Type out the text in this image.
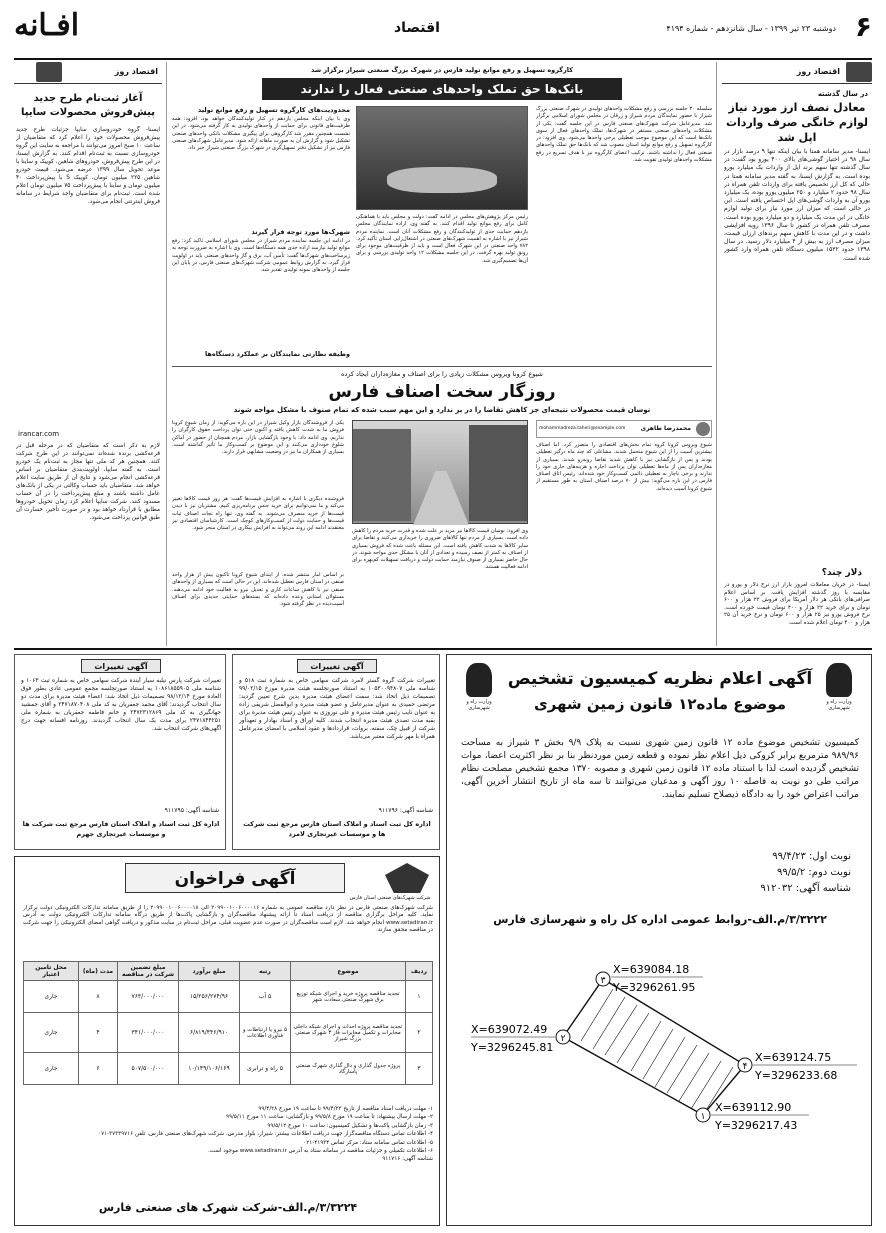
۶
دوشنبه ۲۳ تیر ۱۳۹۹ - سال شانزدهم - شماره ۴۱۹۴
اقتصاد
افـانه
اقتصاد روز
در سال گذشته
معادل نصف ارز مورد نیاز لوازم خانگی صرف واردات اپل شد
ایسنا- مدیر سامانه همتا با بیان اینکه تنها ۹ درصد بازار در سال ۹۸ در اختیار گوشی‌های بالای ۴۰۰ یورو بود گفت: در سال گذشته تنها سهم برند اپل از واردات یک میلیارد یورو بوده است. به گزارش ایسنا، به گفته مدیر سامانه همتا در حالی که کل ارز تخصیص یافته برای واردات تلفن همراه در سال ۹۸ حدود ۲ میلیارد و ۲۵۰ میلیون یورو بوده، یک میلیارد یورو آن به واردات گوشی‌های اپل اختصاص یافته است. این در حالی است که میزان ارز مورد نیاز برای تولید لوازم خانگی در این مدت یک میلیارد و دو میلیارد یورو بوده است. مصرف تلفن همراه در کشور تا سال ۱۳۹۶ رویه افزایشی داشت و در این مدت با کاهش سهم برندهای ارزان قیمت، میزان مصرف ارز به بیش از ۴ میلیارد دلار رسید. در سال ۱۳۹۸ حدود ۱۵۳۲ میلیون دستگاه تلفن همراه وارد کشور شده است.
دلار چند؟
ایسنا- در جریان معاملات امروز بازار ارز نرخ دلار و یورو در مقایسه با روز گذشته افزایش یافت. بر اساس اعلام صرافی‌های بانکی هر دلار آمریکا برای فروش ۲۲ هزار و ۶۰۰ تومان و برای خرید ۲۲ هزار و ۴۰۰ تومان قیمت خورده است. نرخ فروش یورو نیز ۲۵ هزار و ۶۰۰ تومان و نرخ خرید آن ۲۵ هزار و ۴۰۰ تومان اعلام شده است.
کارگروه تسهیل و رفع موانع تولید فارس در شهرک بزرگ صنعتی شیراز برگزار شد
بانک‌ها حق تملک واحدهای صنعتی فعال را ندارند
سلسله ۳۰ جلسه بررسی و رفع مشکلات واحدهای تولیدی در شهرک صنعتی بزرگ شیراز با حضور نمایندگان مردم شیراز و زرقان در مجلس شورای اسلامی برگزار شد. مدیرعامل شرکت شهرک‌های صنعتی فارس در این جلسه گفت: یکی از مشکلات واحدهای صنعتی مستقر در شهرک‌ها، تملک واحدهای فعال از سوی بانک‌ها است که این موضوع موجب تعطیلی برخی واحدها می‌شود. وی افزود: در کارگروه تسهیل و رفع موانع تولید استان مصوب شد که بانک‌ها حق تملک واحدهای صنعتی فعال را نداشته باشند. ترکیب اعضای کارگروه نیز با هدف تسریع در رفع مشکلات واحدهای تولیدی تقویت شد.
رئیس مرکز پژوهش‌های مجلس در ادامه گفت: دولت و مجلس باید با هماهنگی کامل برای رفع موانع تولید اقدام کنند. به گفته وی، اراده نمایندگان مجلس یازدهم حمایت جدی از تولیدکنندگان و رفع مشکلات آنان است. نماینده مردم شیراز نیز با اشاره به اهمیت شهرک‌های صنعتی در اشتغال‌زایی استان تأکید کرد: ۷۸۲ واحد صنعتی در این شهرک فعال است و باید از ظرفیت‌های موجود برای رونق تولید بهره گرفت. در این جلسه مشکلات ۱۲ واحد تولیدی بررسی و برای آن‌ها تصمیم‌گیری شد.
محدودیت‌های کارگروه تسهیل و رفع موانع تولید
وی با بیان اینکه مجلس یازدهم در کنار تولیدکنندگان خواهد بود، افزود: همه ظرفیت‌های قانونی برای حمایت از واحدهای تولیدی به کار گرفته می‌شود. در این نشست همچنین مقرر شد کارگروهی برای پیگیری مشکلات بانکی واحدهای صنعتی تشکیل شود و گزارش آن به صورت ماهانه ارائه شود. مدیرعامل شهرک‌های صنعتی فارس نیز از تشکیل دفتر تسهیل‌گری در شهرک بزرگ صنعتی شیراز خبر داد.
شهرک‌ها مورد توجه قرار گیرند
در ادامه این جلسه نماینده مردم شیراز در مجلس شورای اسلامی تأکید کرد: رفع موانع تولید نیازمند اراده جدی همه دستگاه‌ها است. وی با اشاره به ضرورت توجه به زیرساخت‌های شهرک‌ها گفت: تأمین آب، برق و گاز واحدهای صنعتی باید در اولویت قرار گیرد. به گزارش روابط عمومی شرکت شهرک‌های صنعتی فارس، در پایان این جلسه از واحدهای نمونه تولیدی تقدیر شد.
وظیفه نظارتی نمایندگان بر عملکرد دستگاه‌ها
اقتصاد روز
آغاز ثبت‌نام طرح جدید پیش‌فروش محصولات سایپا
ایسنا- گروه خودروسازی سایپا جزئیات طرح جدید پیش‌فروش محصولات خود را اعلام کرد که متقاضیان از ساعت ۱۰ صبح امروز می‌توانند با مراجعه به سایت این گروه خودروسازی نسبت به ثبت‌نام اقدام کنند. به گزارش ایسنا، در این طرح پیش‌فروش، خودروهای شاهین، کوییک و ساینا با موعد تحویل سال ۱۳۹۹ عرضه می‌شود. قیمت خودرو شاهین ۲۲۵ میلیون تومان، کوییک S با پیش‌پرداخت ۴۰ میلیون تومان و ساینا با پیش‌پرداخت ۷۵ میلیون تومان اعلام شده است. ثبت‌نام برای متقاضیان واجد شرایط در سامانه فروش اینترنتی انجام می‌شود.
irancar.com
لازم به ذکر است که متقاضیان که در مرحله قبل در قرعه‌کشی برنده شده‌اند نمی‌توانند در این طرح شرکت کنند. همچنین هر کد ملی تنها مجاز به ثبت‌نام یک خودرو است. به گفته سایپا، اولویت‌بندی متقاضیان بر اساس قرعه‌کشی انجام می‌شود و نتایج آن از طریق سایت اعلام خواهد شد. متقاضیان باید حساب وکالتی در یکی از بانک‌های عامل داشته باشند و مبلغ پیش‌پرداخت را در آن حساب مسدود کنند. شرکت سایپا اعلام کرد زمان تحویل خودروها مطابق با قرارداد خواهد بود و در صورت تأخیر، خسارت آن طبق قوانین پرداخت می‌شود.
شیوع کرونا ویروس مشکلات زیادی را برای اصناف و مغازه‌داران ایجاد کرده
روزگار سخت اصناف فارس
نوسان قیمت محصولات نتیجه‌ای جز کاهش تقاضا را در بر ندارد و این مهم سبب شده که تمام صنوف با مشکل مواجه شوند
محمدرضا طاهری
mohammadreza.taheri@example.com
شیوع ویروس کرونا گروه تمام بخش‌های اقتصادی را متضرر کرد. اما اصناف بیشترین آسیب را از این شیوع متحمل شدند. مشاغلی که چند ماه درگیر تعطیلی بودند و پس از بازگشایی نیز با کاهش شدید تقاضا روبه‌رو شدند. بسیاری از مغازه‌داران پس از ماه‌ها تعطیلی توان پرداخت اجاره و هزینه‌های جاری خود را ندارند و برخی ناچار به تعطیلی دائمی کسب‌وکار خود شده‌اند. رئیس اتاق اصناف فارس در این باره می‌گوید: بیش از ۷۰ درصد اصناف استان به طور مستقیم از شیوع کرونا آسیب دیده‌اند.
وی افزود: نوسان قیمت کالاها نیز مزید بر علت شده و قدرت خرید مردم را کاهش داده است. بسیاری از مردم تنها کالاهای ضروری را خریداری می‌کنند و تقاضا برای سایر کالاها به شدت کاهش یافته است. این مسئله باعث شده که فروش بسیاری از اصناف به کمتر از نصف رسیده و تعدادی از آنان با مشکل جدی مواجه شوند. در حال حاضر بسیاری از صنوف نیازمند حمایت دولت و دریافت تسهیلات کم‌بهره برای ادامه فعالیت هستند.
یکی از فروشندگان بازار وکیل شیراز در این باره می‌گوید: از زمان شیوع کرونا فروش ما به شدت کاهش یافته و اکنون حتی توان پرداخت حقوق کارگران را نداریم. وی ادامه داد: با وجود بازگشایی بازار، مردم همچنان از حضور در اماکن شلوغ خودداری می‌کنند و این موضوع بر کسب‌وکار ما تأثیر گذاشته است. بسیاری از همکاران ما نیز در وضعیت مشابهی قرار دارند.
فروشنده دیگری با اشاره به افزایش قیمت‌ها گفت: هر روز قیمت کالاها تغییر می‌کند و ما نمی‌توانیم برای خرید جنس برنامه‌ریزی کنیم. مشتریان نیز با دیدن قیمت‌ها از خرید منصرف می‌شوند. به گفته وی، تنها راه نجات اصناف ثبات قیمت‌ها و حمایت دولت از کسب‌وکارهای کوچک است. کارشناسان اقتصادی نیز معتقدند ادامه این روند می‌تواند به افزایش بیکاری در استان منجر شود.
بر اساس آمار منتشر شده، از ابتدای شیوع کرونا تاکنون بیش از هزار واحد صنفی در استان فارس تعطیل شده‌اند. این در حالی است که بسیاری از واحدهای صنفی نیز با کاهش ساعات کاری و تعدیل نیرو به فعالیت خود ادامه می‌دهند. مسئولان استانی وعده داده‌اند که بسته‌های حمایتی جدیدی برای اصناف آسیب‌دیده در نظر گرفته شود.
وزارت راه و شهرسازی
وزارت راه و شهرسازی
آگهی اعلام نظریه کمیسیون تشخیص
موضوع ماده۱۲ قانون زمین شهری
کمیسیون تشخیص موضوع ماده ۱۲ قانون زمین شهری نسبت به پلاک ۹/۹ بخش ۳ شیراز به مساحت ۹۸۹/۹۶ مترمربع برابر کروکی ذیل اعلام نظر نموده و قطعه زمین موردنظر بنا بر نظر اکثریت اعضا، موات تشخیص گردیده است لذا با استناد ماده ۱۲ قانون زمین شهری و مصوبه ۱۳۷۰ مجمع تشخیص مصلحت نظام مراتب طی دو نوبت به فاصله ۱۰ روز آگهی و مدعیان می‌توانند تا سه ماه از تاریخ انتشار آخرین آگهی، مراتب اعتراض خود را به دادگاه ذیصلاح تسلیم نمایند.
نوبت اول: ۹۹/۴/۲۳
نوبت دوم: ۹۹/۵/۲
شناسه آگهی: ۹۱۲۰۳۲
۳/۳۲۲۲/م.الف-روابط عمومی اداره کل راه و شهرسازی فارس
۳
X=639084.18
Y=3296261.95
۲
X=639072.49
Y=3296245.81
۴
X=639124.75
Y=3296233.68
۱
X=639112.90
Y=3296217.43
آگهی تغییرات
تغییرات شرکت گروه گستر لامرد شرکت سهامی خاص به شماره ثبت ۵۱۸ و شناسه ملی ۱۰۵۳۰۰۹۴۸۰۷ به استناد صورتجلسه هیئت مدیره مورخ ۹۹/۰۲/۱۵ تصمیمات ذیل اتخاذ شد: سمت اعضای هیئت مدیره بدین شرح تعیین گردید: مرتضی حمیدی به عنوان مدیرعامل و عضو هیئت مدیره و ابوالفضل شریفی زاده به عنوان نایب رئیس هیئت مدیره و علی نوروزی به عنوان رئیس هیئت مدیره برای بقیه مدت تصدی هیئت مدیره انتخاب شدند. کلیه اوراق و اسناد بهادار و تعهدآور شرکت از قبیل چک، سفته، بروات، قراردادها و عقود اسلامی با امضای مدیرعامل همراه با مهر شرکت معتبر می‌باشد.
شناسه آگهی: ۹۱۱۷۹۶
اداره کل ثبت اسناد و املاک استان فارس مرجع ثبت شرکت ها و موسسات غیرتجاری لامرد
آگهی تغییرات
تغییرات شرکت پارس نیلبه سیار آینده شرکت سهامی خاص به شماره ثبت ۱۰۶۳ و شناسه ملی ۱۰۸۶۱۸۵۵۹۰۵ به استناد صورتجلسه مجمع عمومی عادی بطور فوق العاده مورخ ۹۸/۱۲/۱۴ تصمیمات ذیل اتخاذ شد: اعضاء هیئت مدیره برای مدت دو سال انتخاب گردیدند: آقای محمد جعفریان به کد ملی ۲۴۷۱۸۷۰۴۰۸ و آقای جمشید جهانگیری به کد ملی ۲۴۷۲۳۱۲۸۶۹ و خانم فاطمه جعفریان به شماره ملی ۲۴۷۱۸۴۴۲۵۱ برای مدت یک سال انتخاب گردیدند. روزنامه افسانه جهت درج آگهی‌های شرکت انتخاب شد.
شناسه آگهی: ۹۱۱۷۹۵
اداره کل ثبت اسناد و املاک استان فارس مرجع ثبت شرکت ها و موسسات غیرتجاری جهرم
شرکت شهرک‌های صنعتی استان فارس
آگهی فراخوان
شرکت شهرک‌های صنعتی فارس در نظر دارد مناقصه عمومی به شماره ۲۰۹۹۰۰۱۰۰۶۰۰۰۰۱۶ الی ۲۰۹۹۰۰۱۰۰۶۰۰۰۰۱۸ را از طریق سامانه تدارکات الکترونیکی دولت برگزار نماید. کلیه مراحل برگزاری مناقصه از دریافت اسناد تا ارائه پیشنهاد مناقصه‌گران و بازگشایی پاکت‌ها از طریق درگاه سامانه تدارکات الکترونیکی دولت به آدرس www.setadiran.ir انجام خواهد شد. لازم است مناقصه‌گران در صورت عدم عضویت قبلی، مراحل ثبت‌نام در سایت مذکور و دریافت گواهی امضای الکترونیکی را جهت شرکت در مناقصه محقق سازند.
ردیف	موضوع	رتبه	مبلغ برآورد	مبلغ تضمین شرکت در مناقصه	مدت (ماه)	محل تامین اعتبار
۱	تجدید مناقصه پروژه خرید و اجرای شبکه توزیع برق شهرک صنعتی سعادت شهر	۵ آب	۱۵/۲۵۶/۲۷۴/۹۶	۷۶۳/۰۰۰/۰۰۰	۸	جاری
۲	تجدید مناقصه پروژه احداث و اجرای شبکه داخلی مخابرات و تکمیل مخابرات فاز ۳ شهرک صنعتی بزرگ شیراز	۵ نیرو یا ارتباطات و فناوری اطلاعات	۶/۸۱۹/۴۴۶/۹۱۰	۳۴۱/۰۰۰/۰۰۰	۴	جاری
۳	پروژه جدول گذاری و دال گذاری شهرک صنعتی پاسارگاد	۵ راه و ترابری	۱۰/۱۴۹/۱۰۶/۱۶۹	۵۰۷/۵۰۰/۰۰۰	۶	جاری
۱- مهلت دریافت اسناد مناقصه از تاریخ ۹۹/۴/۲۳ تا ساعت ۱۹ مورخ ۹۹/۴/۲۸
۲- مهلت ارسال پیشنهاد: تا ساعت ۱۹ مورخ ۹۹/۵/۸ و بازگشایی: ساعت ۱۱ مورخ ۹۹/۵/۱۱
۳- زمان بازگشایی پاکت‌ها و تشکیل کمیسیون: ساعت ۱۰ مورخ ۹۹/۵/۱۲
۴- اطلاعات تماس دستگاه مناقصه‌گزار جهت دریافت اطلاعات بیشتر: شیراز، بلوار مدرس، شرکت شهرک‌های صنعتی فارس، تلفن ۳۷۳۳۹۷۱۶-۰۷۱
۵- اطلاعات تماس سامانه ستاد: مرکز تماس ۴۱۹۳۴-۰۲۱
۶- اطلاعات تکمیلی و جزئیات مناقصه در سامانه ستاد به آدرس www.setadiran.ir موجود است.
شناسه آگهی: ۹۱۱۷۱۶
۳/۳۲۲۴/م.الف-شرکت شهرک های صنعتی فارس
